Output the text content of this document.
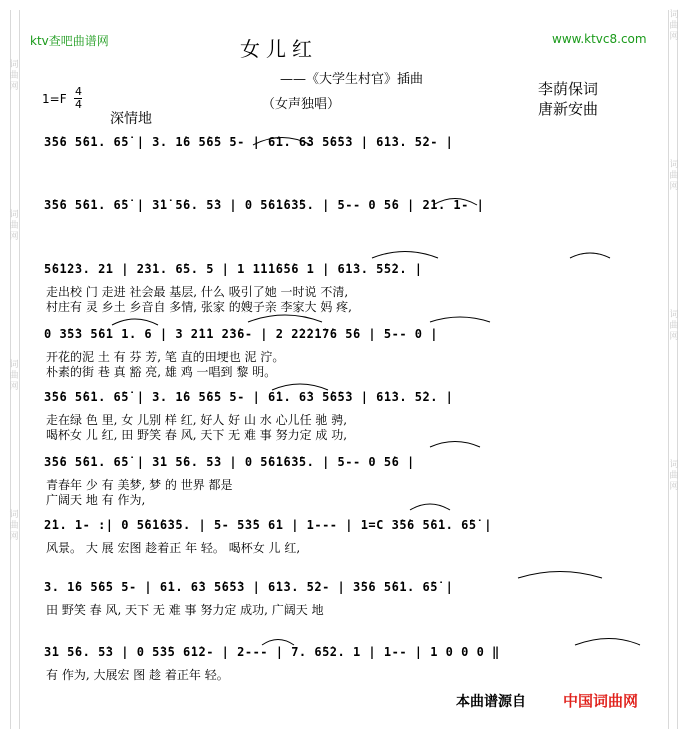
词曲网
词曲网
词曲网
词曲网
词曲网
词曲网
词曲网
词曲网
ktv查吧曲谱网	www.ktvc8.com
女儿红
——《大学生村官》插曲
（女声独唱）
李荫保词
唐新安曲
1=F
4
4
深情地
3̇5̇6 5̇6̇1. 6̇5̇ | 3. 1̇6 5̇6̇5 5- | 6̇1. 6̇3 5̇6̇5̇3 | 6̇1̇3. 5̇2- |
3̇5̇6 5̇6̇1. 6̇5̇ | 3̇1̇ 5̇6. 5̇3 | 0 5̇6̇1̇6̇3̇5. | 5-- 0 5̇6 | 2̇1. 1- |
5̇6̇1̇2̇3. 2̇1 | 2̇3̇1. 6̇5. 5 | 1 1̇1̇1̇6̇5̇6 1 | 6̇1̇3. 5̇5̇2. |
走出校 门 走进 社会最 基层, 什么 吸引了她 一时说 不清,
村庄有 灵 乡土 乡音自 多情, 张家 的嫂子亲 李家大 妈 疼,
0 3̇5̇3 5̇6̇1 1. 6 | 3 2̇1̇1 2̇3̇6- | 2 2̇2̇2̇1̇7̇6 5̇6 | 5-- 0 |
开花的泥 土 有 芬 芳, 笔 直的田埂也 泥 泞。
朴素的街 巷 真 豁 亮, 雄 鸡 一唱到 黎 明。
3̇5̇6 5̇6̇1. 6̇5̇ | 3. 1̇6 5̇6̇5 5- | 6̇1. 6̇3 5̇6̇5̇3 | 6̇1̇3. 5̇2. |
走在绿 色 里, 女 儿别 样 红, 好人 好 山 水 心儿任 驰 骋,
喝杯女 儿 红, 田 野笑 春 风, 天下 无 难 事 努力定 成 功,
3̇5̇6 5̇6̇1. 6̇5̇ | 3̇1 5̇6. 5̇3 | 0 5̇6̇1̇6̇3̇5. | 5-- 0 5̇6 |
青春年 少 有 美梦, 梦 的 世界 都是
广阔天 地 有 作为,
2̇1. 1- :| 0 5̇6̇1̇6̇3̇5. | 5- 5̇3̇5 6̇1 | 1--- | 1=C 3̇5̇6 5̇6̇1. 6̇5̇ |
风景。 大 展 宏图 趁着正 年 轻。 喝杯女 儿 红,
3. 1̇6 5̇6̇5 5- | 6̇1. 6̇3 5̇6̇5̇3 | 6̇1̇3. 5̇2- | 3̇5̇6 5̇6̇1. 6̇5̇ |
田 野笑 春 风, 天下 无 难 事 努力定 成功, 广阔天 地
3̇1 5̇6. 5̇3 | 0 5̇3̇5 6̇1̇2- | 2--- | 7. 6̇5̇2. 1 | 1-- | 1 0 0 0 ‖
有 作为, 大展宏 图 趁 着正年 轻。
本曲谱源自 中国词曲网
